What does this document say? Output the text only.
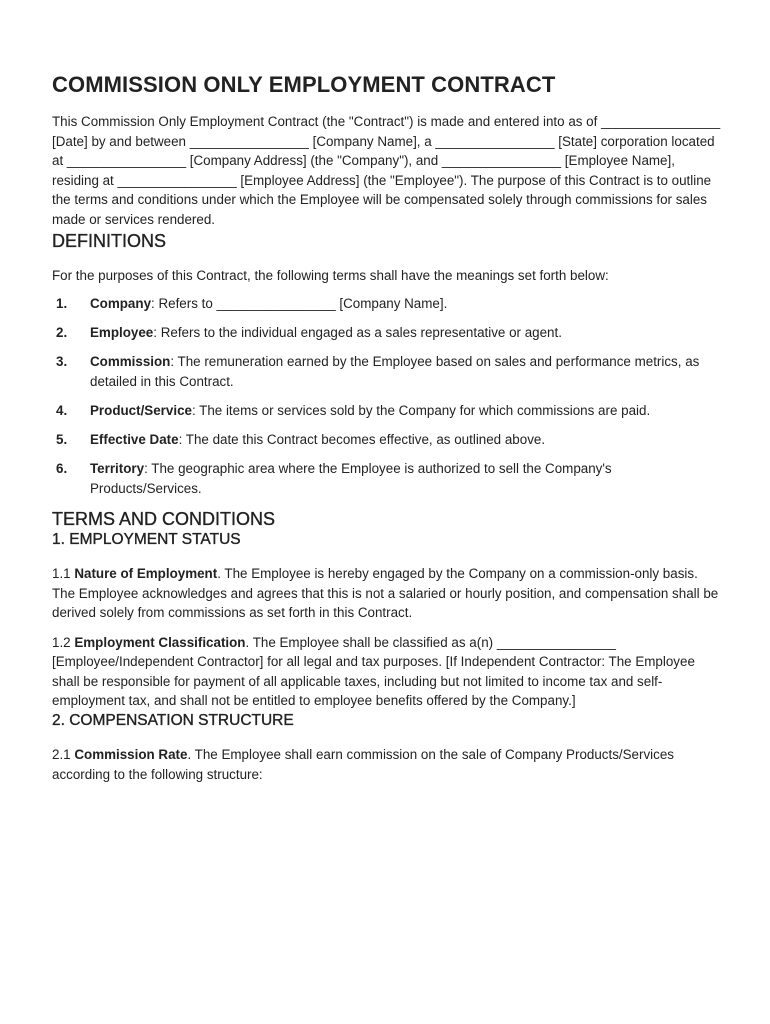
COMMISSION ONLY EMPLOYMENT CONTRACT

This Commission Only Employment Contract (the "Contract") is made and entered into as of ________________ [Date] by and between ________________ [Company Name], a ________________ [State] corporation located at ________________ [Company Address] (the "Company"), and ________________ [Employee Name], residing at ________________ [Employee Address] (the "Employee"). The purpose of this Contract is to outline the terms and conditions under which the Employee will be compensated solely through commissions for sales made or services rendered.

DEFINITIONS

For the purposes of this Contract, the following terms shall have the meanings set forth below:

1.	Company: Refers to ________________ [Company Name].
2.	Employee: Refers to the individual engaged as a sales representative or agent.
3.	Commission: The remuneration earned by the Employee based on sales and performance metrics, as detailed in this Contract.
4.	Product/Service: The items or services sold by the Company for which commissions are paid.
5.	Effective Date: The date this Contract becomes effective, as outlined above.
6.	Territory: The geographic area where the Employee is authorized to sell the Company's Products/Services.
TERMS AND CONDITIONS
1. EMPLOYMENT STATUS

1.1 Nature of Employment. The Employee is hereby engaged by the Company on a commission-only basis. The Employee acknowledges and agrees that this is not a salaried or hourly position, and compensation shall be derived solely from commissions as set forth in this Contract.

1.2 Employment Classification. The Employee shall be classified as a(n) ________________ [Employee/Independent Contractor] for all legal and tax purposes. [If Independent Contractor: The Employee shall be responsible for payment of all applicable taxes, including but not limited to income tax and self-employment tax, and shall not be entitled to employee benefits offered by the Company.]

2. COMPENSATION STRUCTURE

2.1 Commission Rate. The Employee shall earn commission on the sale of Company Products/Services according to the following structure:
